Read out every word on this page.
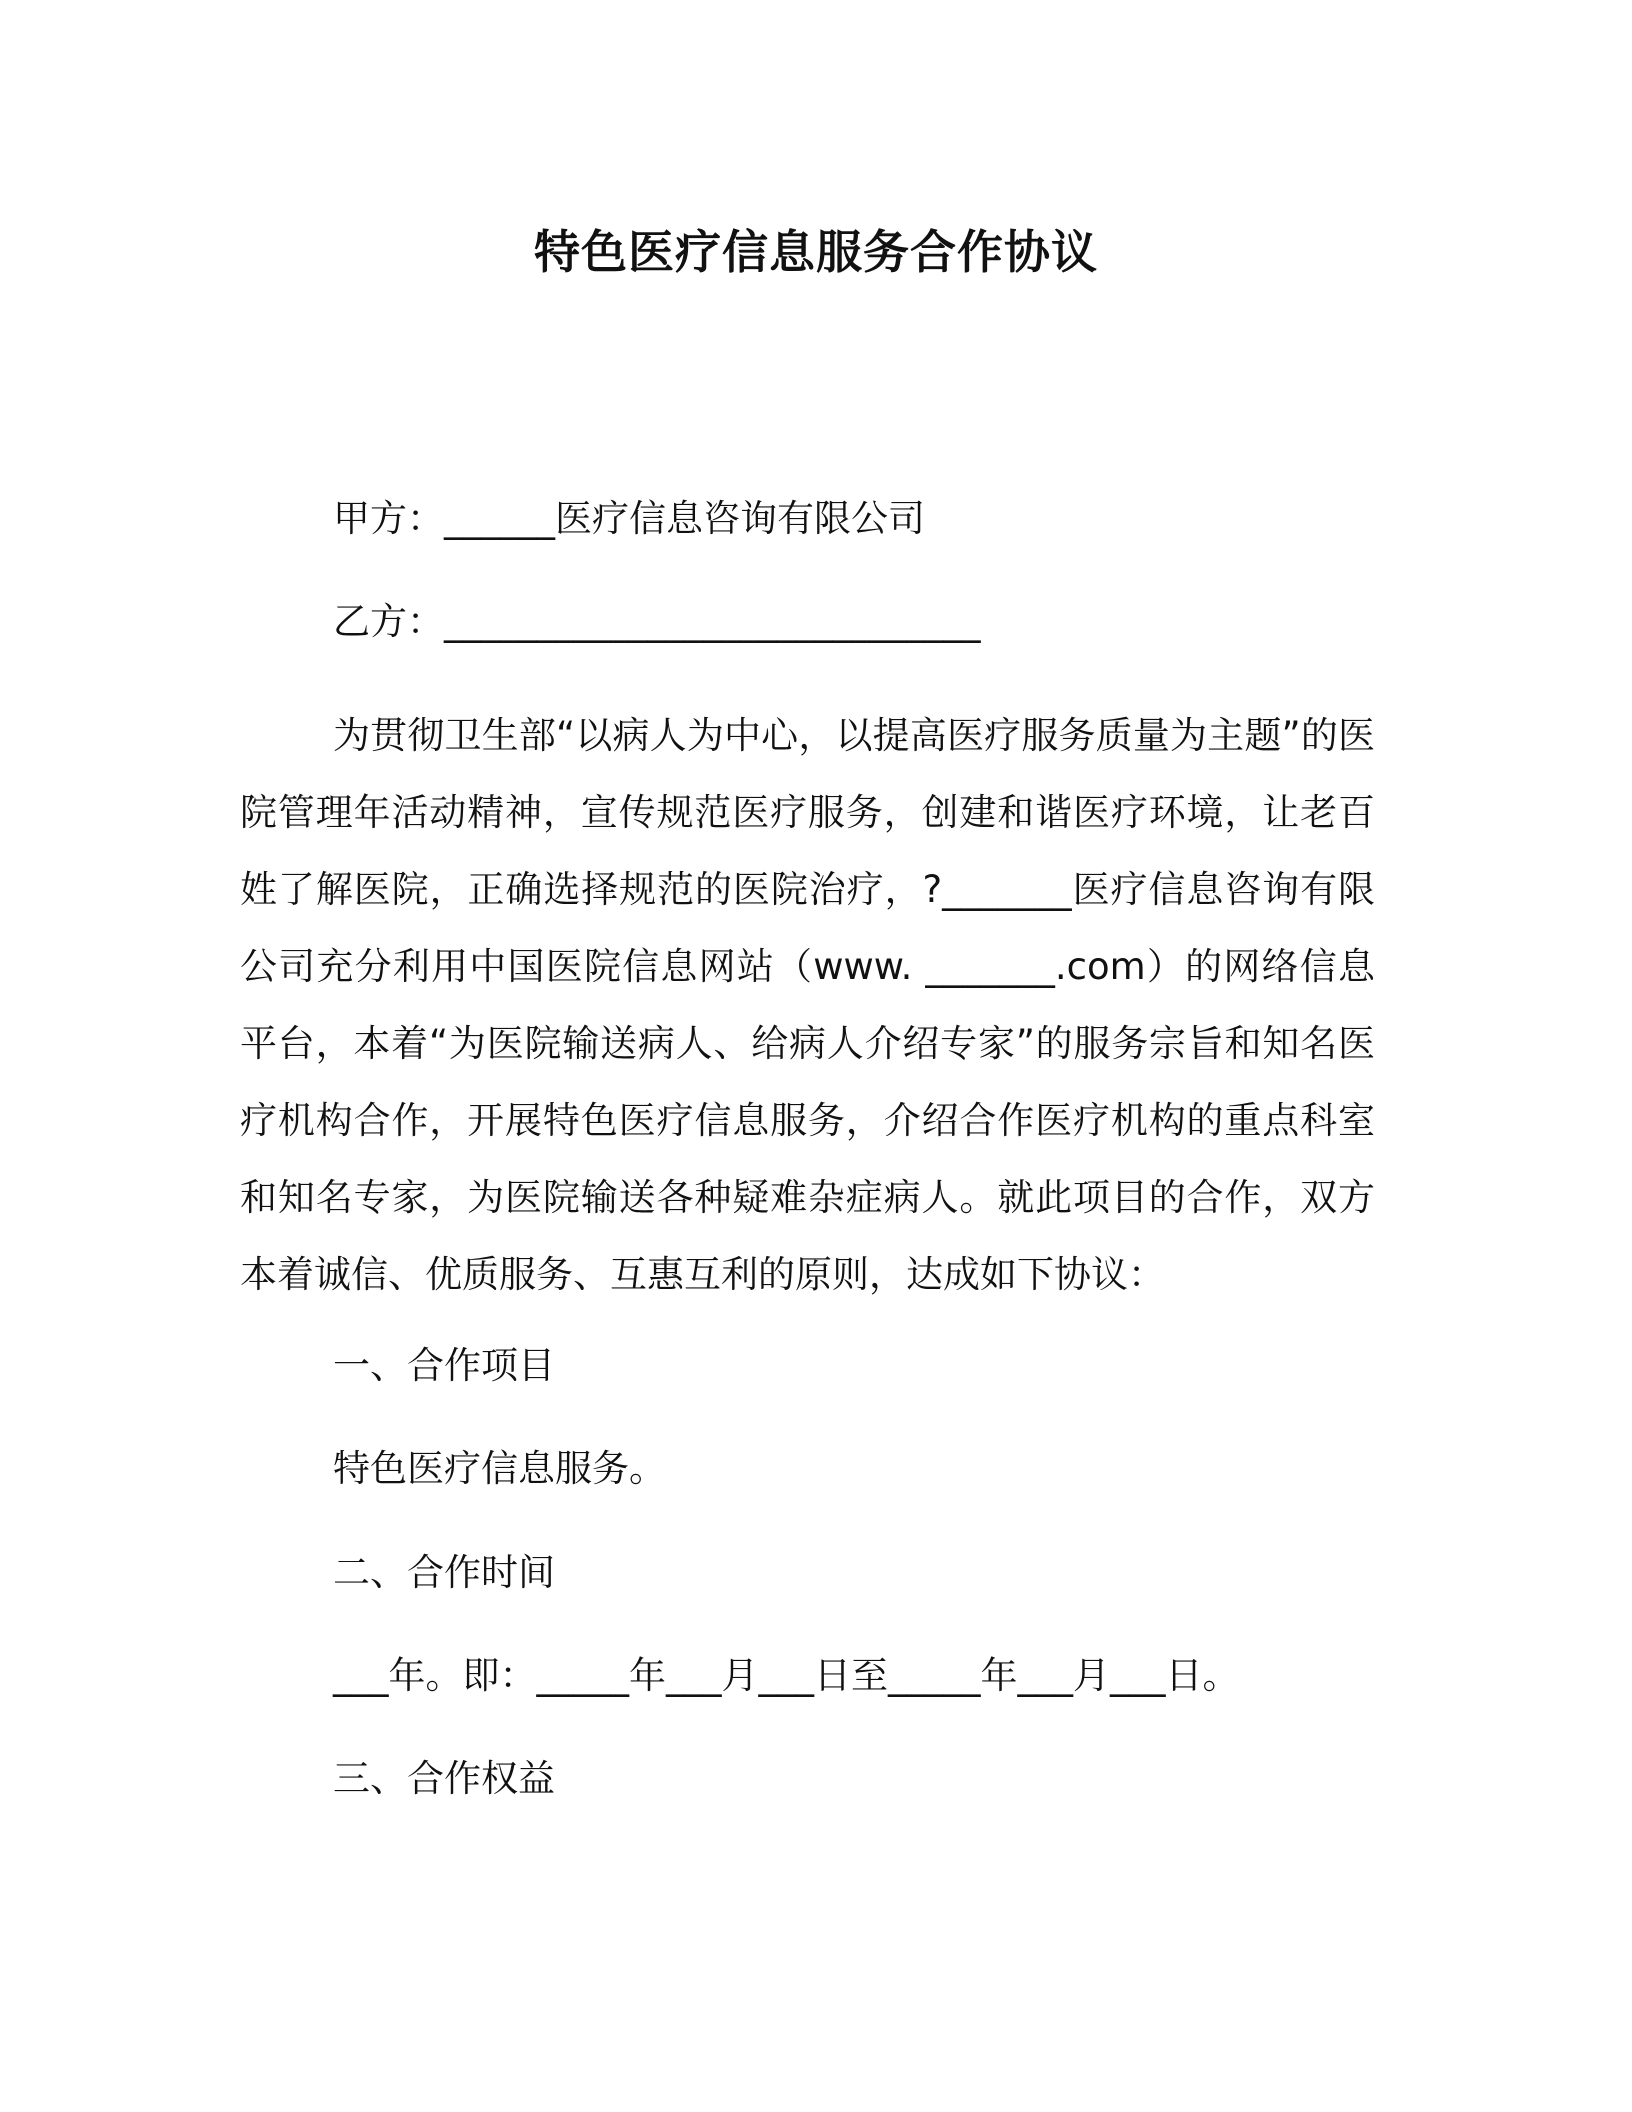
特色医疗信息服务合作协议
甲方：______医疗信息咨询有限公司
乙方：_____________________________
为贯彻卫生部“以病人为中心，以提高医疗服务质量为主题”的医院管理年活动精神，宣传规范医疗服务，创建和谐医疗环境，让老百姓了解医院，正确选择规范的医院治疗，?_______医疗信息咨询有限公司充分利用中国医院信息网站（www. _______.com）的网络信息平台，本着“为医院输送病人、给病人介绍专家”的服务宗旨和知名医疗机构合作，开展特色医疗信息服务，介绍合作医疗机构的重点科室和知名专家，为医院输送各种疑难杂症病人。就此项目的合作，双方本着诚信、优质服务、互惠互利的原则，达成如下协议：
一、合作项目
特色医疗信息服务。
二、合作时间
___年。即：_____年___月___日至_____年___月___日。
三、合作权益
